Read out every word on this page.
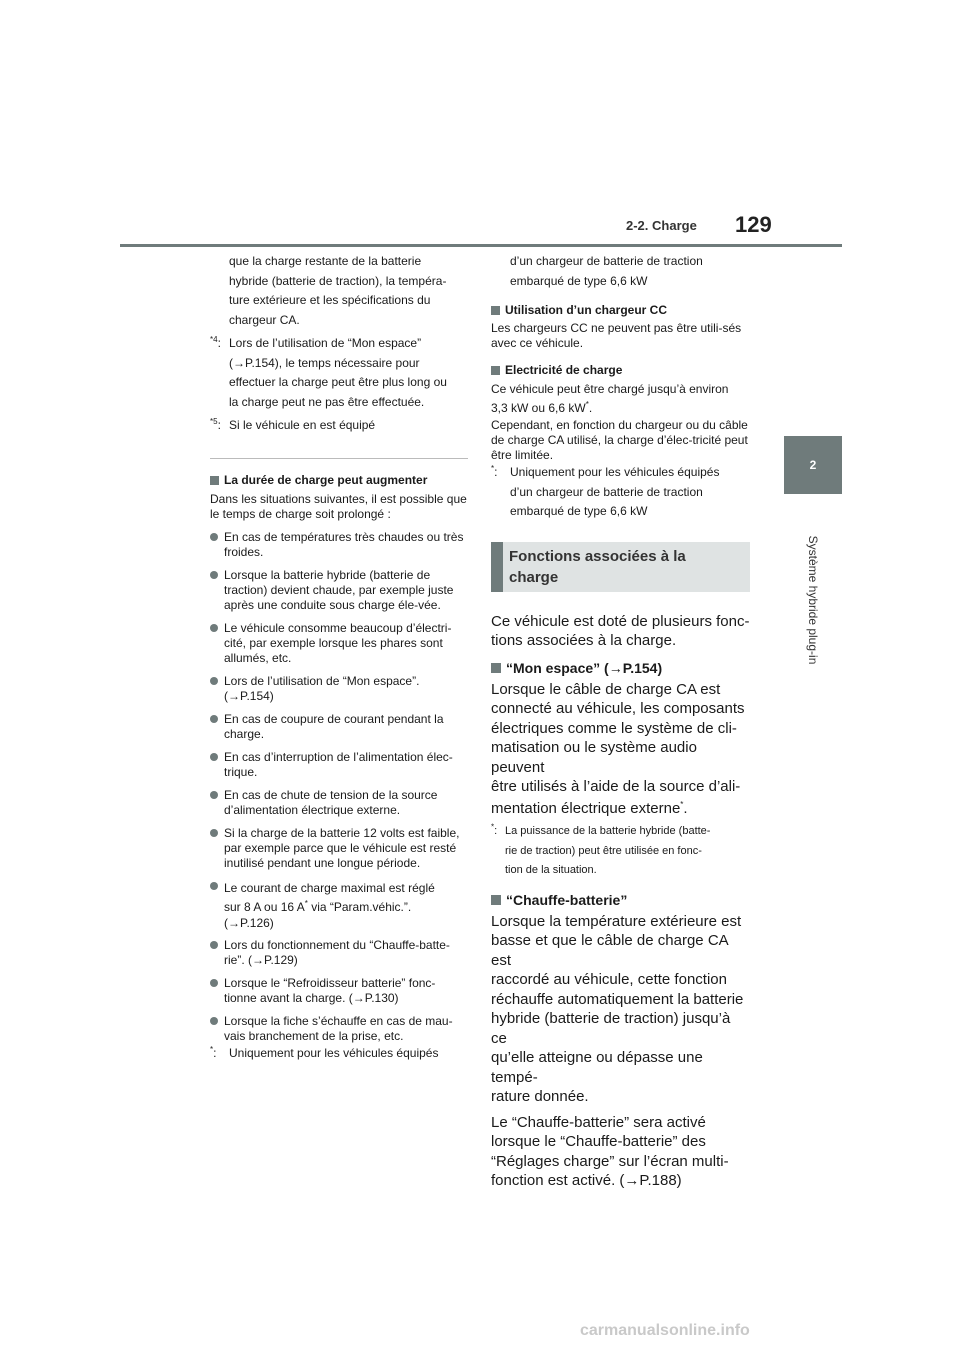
2-2. Charge 129
2
Système hybride plug-in

que la charge restante de la batterie

hybride (batterie de traction), la tempéra-

ture extérieure et les spécifications du

chargeur CA.

$^{*4}$: Lors de l’utilisation de “Mon espace”

(→P.154), le temps nécessaire pour

effectuer la charge peut être plus long ou

la charge peut ne pas être effectuée.

$^{*5}$: Si le véhicule en est équipé

La durée de charge peut augmenter

Dans les situations suivantes, il est possible que le temps de charge soit prolongé :

En cas de températures très chaudes ou très froides.

Lorsque la batterie hybride (batterie de traction) devient chaude, par exemple juste après une conduite sous charge éle-vée.

Le véhicule consomme beaucoup d’électri-cité, par exemple lorsque les phares sont allumés, etc.

Lors de l’utilisation de “Mon espace”. (→P.154)

En cas de coupure de courant pendant la charge.

En cas d’interruption de l’alimentation élec-trique.

En cas de chute de tension de la source d’alimentation électrique externe.

Si la charge de la batterie 12 volts est faible, par exemple parce que le véhicule est resté inutilisé pendant une longue période.

Le courant de charge maximal est réglé

sur 8 A ou 16 A* via “Param.véhic.”.

(→P.126)

Lors du fonctionnement du “Chauffe-batte-rie”. (→P.129)

Lorsque le “Refroidisseur batterie” fonc-tionne avant la charge. (→P.130)

Lorsque la fiche s’échauffe en cas de mau-vais branchement de la prise, etc.

*:	Uniquement pour les véhicules équipés

d’un chargeur de batterie de traction

embarqué de type 6,6 kW

Utilisation d’un chargeur CC

Les chargeurs CC ne peuvent pas être utili-sés avec ce véhicule.

Electricité de charge

Ce véhicule peut être chargé jusqu’à environ

3,3 kW ou 6,6 kW*.

Cependant, en fonction du chargeur ou du câble de charge CA utilisé, la charge d’élec-tricité peut être limitée.

*:	Uniquement pour les véhicules équipés

d’un chargeur de batterie de traction

embarqué de type 6,6 kW

Fonctions associées à la

charge

Ce véhicule est doté de plusieurs fonc-

tions associées à la charge.

“Mon espace” (→P.154)

Lorsque le câble de charge CA est

connecté au véhicule, les composants

électriques comme le système de cli-

matisation ou le système audio peuvent

être utilisés à l’aide de la source d’ali-

mentation électrique externe*.

*: La puissance de la batterie hybride (batte-

rie de traction) peut être utilisée en fonc-

tion de la situation.

“Chauffe-batterie”

Lorsque la température extérieure est

basse et que le câble de charge CA est

raccordé au véhicule, cette fonction

réchauffe automatiquement la batterie

hybride (batterie de traction) jusqu’à ce

qu’elle atteigne ou dépasse une tempé-

rature donnée.

Le “Chauffe-batterie” sera activé

lorsque le “Chauffe-batterie” des

“Réglages charge” sur l’écran multi-

fonction est activé. (→P.188)

carmanualsonline.info
